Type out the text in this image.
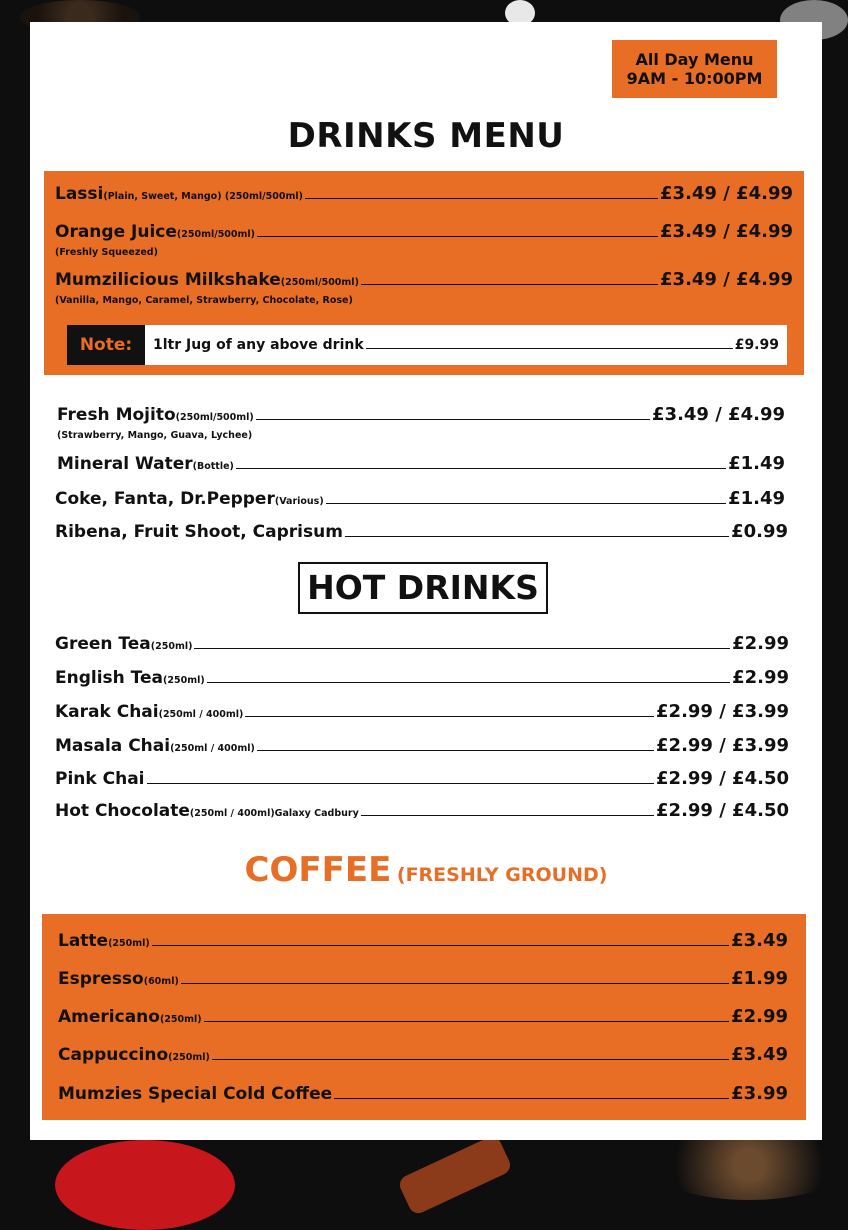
All Day Menu
9AM - 10:00PM
DRINKS MENU
Lassi (Plain, Sweet, Mango) (250ml/500ml)	£3.49 / £4.99
Orange Juice (250ml/500ml)	£3.49 / £4.99
(Freshly Squeezed)
Mumzilicious Milkshake (250ml/500ml)	£3.49 / £4.99
(Vanilla, Mango, Caramel, Strawberry, Chocolate, Rose)
Note:	1ltr Jug of any above drink	£9.99
Fresh Mojito (250ml/500ml)	£3.49 / £4.99
(Strawberry, Mango, Guava, Lychee)
Mineral Water (Bottle)	£1.49
Coke, Fanta, Dr.Pepper (Various)	£1.49
Ribena, Fruit Shoot, Caprisum	£0.99
HOT DRINKS
Green Tea (250ml)	£2.99
English Tea (250ml)	£2.99
Karak Chai (250ml / 400ml)	£2.99 / £3.99
Masala Chai (250ml / 400ml)	£2.99 / £3.99
Pink Chai	£2.99 / £4.50
Hot Chocolate (250ml / 400ml)Galaxy Cadbury	£2.99 / £4.50
COFFEE (FRESHLY GROUND)
Latte (250ml)	£3.49
Espresso (60ml)	£1.99
Americano (250ml)	£2.99
Cappuccino (250ml)	£3.49
Mumzies Special Cold Coffee	£3.99
